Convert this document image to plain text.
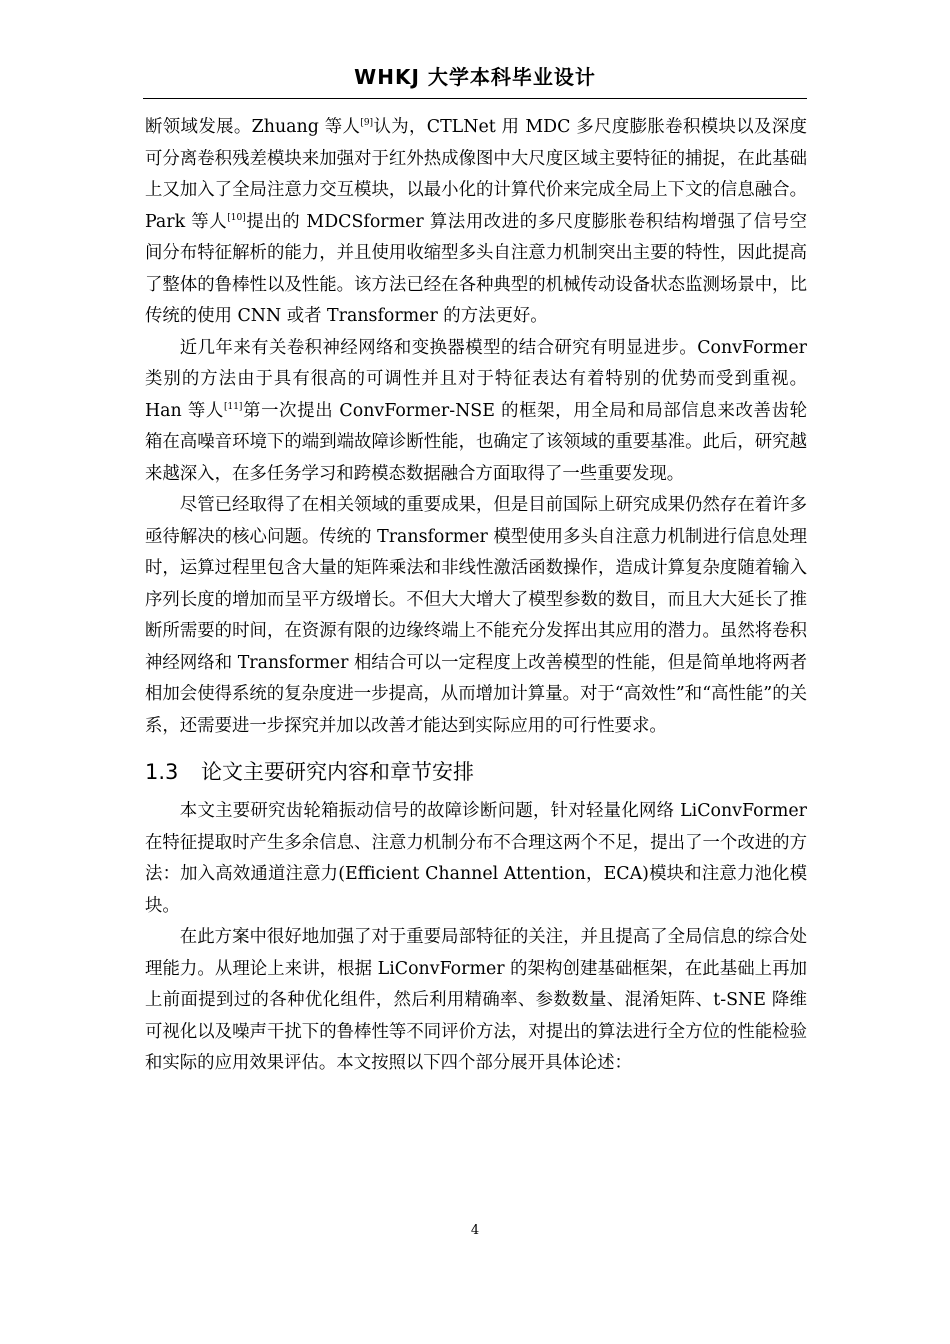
WHKJ 大学本科毕业设计

断领域发展。Zhuang 等人[9]认为，CTLNet 用 MDC 多尺度膨胀卷积模块以及深度可分离卷积残差模块来加强对于红外热成像图中大尺度区域主要特征的捕捉，在此基础上又加入了全局注意力交互模块，以最小化的计算代价来完成全局上下文的信息融合。Park 等人[10]提出的 MDCSformer 算法用改进的多尺度膨胀卷积结构增强了信号空间分布特征解析的能力，并且使用收缩型多头自注意力机制突出主要的特性，因此提高了整体的鲁棒性以及性能。该方法已经在各种典型的机械传动设备状态监测场景中，比传统的使用 CNN 或者 Transformer 的方法更好。

近几年来有关卷积神经网络和变换器模型的结合研究有明显进步。ConvFormer 类别的方法由于具有很高的可调性并且对于特征表达有着特别的优势而受到重视。Han 等人[11]第一次提出 ConvFormer-NSE 的框架，用全局和局部信息来改善齿轮箱在高噪音环境下的端到端故障诊断性能，也确定了该领域的重要基准。此后，研究越来越深入，在多任务学习和跨模态数据融合方面取得了一些重要发现。

尽管已经取得了在相关领域的重要成果，但是目前国际上研究成果仍然存在着许多亟待解决的核心问题。传统的 Transformer 模型使用多头自注意力机制进行信息处理时，运算过程里包含大量的矩阵乘法和非线性激活函数操作，造成计算复杂度随着输入序列长度的增加而呈平方级增长。不但大大增大了模型参数的数目，而且大大延长了推断所需要的时间，在资源有限的边缘终端上不能充分发挥出其应用的潜力。虽然将卷积神经网络和 Transformer 相结合可以一定程度上改善模型的性能，但是简单地将两者相加会使得系统的复杂度进一步提高，从而增加计算量。对于“高效性”和“高性能”的关系，还需要进一步探究并加以改善才能达到实际应用的可行性要求。

1.3 论文主要研究内容和章节安排

本文主要研究齿轮箱振动信号的故障诊断问题，针对轻量化网络 LiConvFormer 在特征提取时产生多余信息、注意力机制分布不合理这两个不足，提出了一个改进的方法：加入高效通道注意力(Efficient Channel Attention，ECA)模块和注意力池化模块。

在此方案中很好地加强了对于重要局部特征的关注，并且提高了全局信息的综合处理能力。从理论上来讲，根据 LiConvFormer 的架构创建基础框架，在此基础上再加上前面提到过的各种优化组件，然后利用精确率、参数数量、混淆矩阵、t-SNE 降维可视化以及噪声干扰下的鲁棒性等不同评价方法，对提出的算法进行全方位的性能检验和实际的应用效果评估。本文按照以下四个部分展开具体论述：

4
